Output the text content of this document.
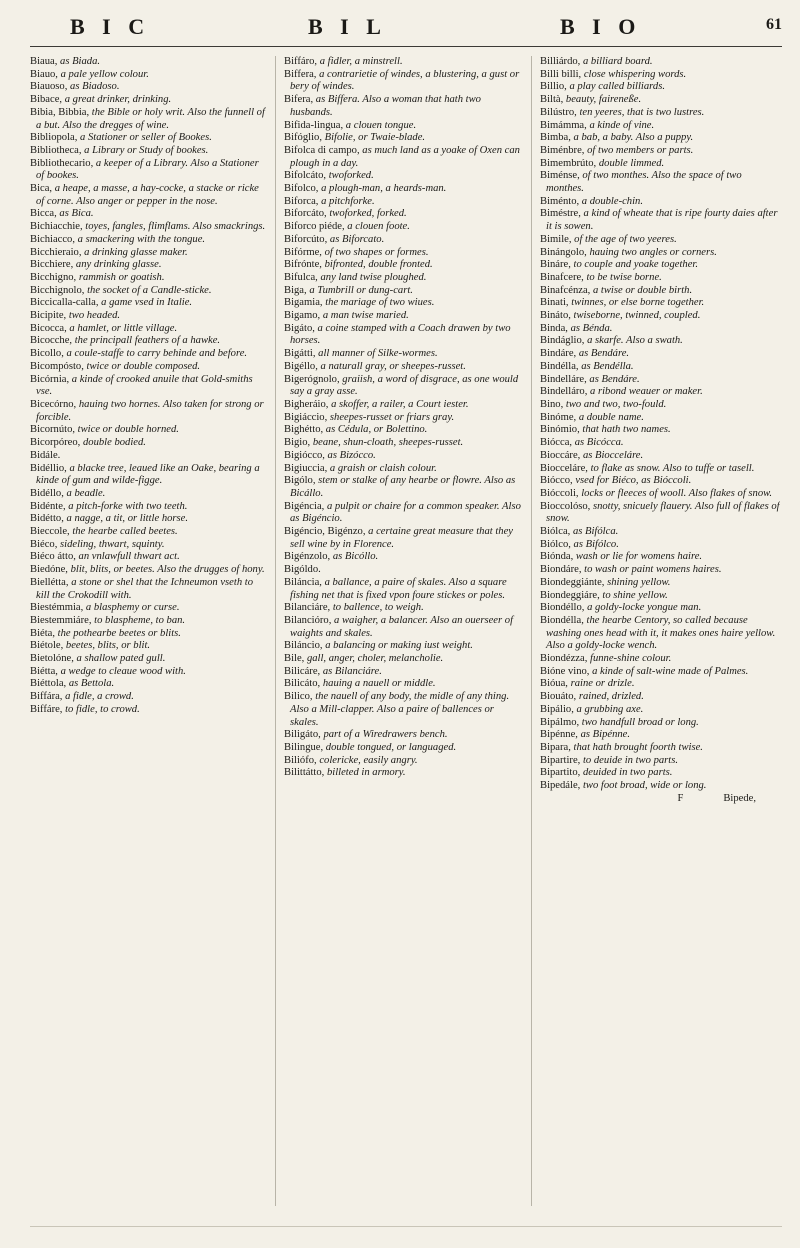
B I C	B I L	B I O	61

Biaua, as Biada.

Biauo, a pale yellow colour.

Biauoso, as Biadoso.

Bibace, a great drinker, drinking.

Bibia, Bibbia, the Bible or holy writ. Also the funnell of a but. Also the dregges of wine.

Bibliopola, a Stationer or seller of Bookes.

Bibliotheca, a Library or Study of bookes.

Bibliothecario, a keeper of a Library. Also a Stationer of bookes.

Bica, a heape, a masse, a hay-cocke, a stacke or ricke of corne. Also anger or pepper in the nose.

Bicca, as Bica.

Bichiacchie, toyes, fangles, flimflams. Also smackrings.

Bichiacco, a smackering with the tongue.

Bicchieraio, a drinking glasse maker.

Bicchiere, any drinking glasse.

Bicchigno, rammish or goatish.

Bicchignolo, the socket of a Candle-sticke.

Biccicalla-calla, a game vsed in Italie.

Bicipite, two headed.

Bicocca, a hamlet, or little village.

Bicocche, the principall feathers of a hawke.

Bicollo, a coule-staffe to carry behinde and before.

Bicompósto, twice or double composed.

Bicórnia, a kinde of crooked anuile that Gold-smiths vse.

Bicecórno, hauing two hornes. Also taken for strong or forcible.

Bicornúto, twice or double horned.

Bicorpóreo, double bodied.

Bidále.

Bidéllio, a blacke tree, leaued like an Oake, bearing a kinde of gum and wilde-figge.

Bidéllo, a beadle.

Bidénte, a pitch-forke with two teeth.

Bidétto, a nagge, a tit, or little horse.

Bieccole, the hearbe called beetes.

Biéco, sideling, thwart, squinty.

Biéco átto, an vnlawfull thwart act.

Biedóne, blit, blits, or beetes. Also the drugges of hony.

Biellétta, a stone or shel that the Ichneumon vseth to kill the Crokodill with.

Biestémmia, a blasphemy or curse.

Biestemmiáre, to blaspheme, to ban.

Biéta, the pothearbe beetes or blits.

Biétole, beetes, blits, or blit.

Bietolóne, a shallow pated gull.

Biétta, a wedge to cleaue wood with.

Biéttola, as Bettola.

Biffára, a fidle, a crowd.

Biffáre, to fidle, to crowd.

Biffáro, a fidler, a minstrell.

Biffera, a contrarietie of windes, a blustering, a gust or bery of windes.

Bifera, as Biffera. Also a woman that hath two husbands.

Bifida-lingua, a clouen tongue.

Bifóglio, Bifolie, or Twaie-blade.

Bifolca di campo, as much land as a yoake of Oxen can plough in a day.

Bifolcáto, twoforked.

Bifolco, a plough-man, a heards-man.

Biforca, a pitchforke.

Biforcáto, twoforked, forked.

Biforco piéde, a clouen foote.

Biforcúto, as Biforcato.

Bifórme, of two shapes or formes.

Bifrónte, bifronted, double fronted.

Bifulca, any land twise ploughed.

Biga, a Tumbrill or dung-cart.

Bigamia, the mariage of two wiues.

Bigamo, a man twise maried.

Bigáto, a coine stamped with a Coach drawen by two horses.

Bigátti, all manner of Silke-wormes.

Bigéllo, a naturall gray, or sheepes-russet.

Bigerógnolo, graiish, a word of disgrace, as one would say a gray asse.

Bigheráio, a skoffer, a railer, a Court iester.

Bigiáccio, sheepes-russet or friars gray.

Bighétto, as Cédula, or Bolettino.

Bigio, beane, shun-cloath, sheepes-russet.

Bigiócco, as Bizócco.

Bigiuccia, a graish or claish colour.

Bigólo, stem or stalke of any hearbe or flowre. Also as Bicállo.

Bigéncia, a pulpit or chaire for a common speaker. Also as Bigéncio.

Bigéncio, Bigénzo, a certaine great measure that they sell wine by in Florence.

Bigénzolo, as Bicóllo.

Bigóldo.

Biláncia, a ballance, a paire of skales. Also a square fishing net that is fixed vpon foure stickes or poles.

Bilanciáre, to ballence, to weigh.

Bilancióro, a waigher, a balancer. Also an ouerseer of waights and skales.

Biláncio, a balancing or making iust weight.

Bile, gall, anger, choler, melancholie.

Bilicáre, as Bilanciáre.

Bilicáto, hauing a nauell or middle.

Bilico, the nauell of any body, the midle of any thing. Also a Mill-clapper. Also a paire of ballences or skales.

Biligáto, part of a Wiredrawers bench.

Bilingue, double tongued, or languaged.

Biliófo, colericke, easily angry.

Bilittátto, billeted in armory.

Billiárdo, a billiard board.

Billi billi, close whispering words.

Billio, a play called billiards.

Biltà, beauty, faireneße.

Bilústro, ten yeeres, that is two lustres.

Bimámma, a kinde of vine.

Bimba, a bab, a baby. Also a puppy.

Biménbre, of two members or parts.

Bimembrúto, double limmed.

Biménse, of two monthes. Also the space of two monthes.

Biménto, a double-chin.

Biméstre, a kind of wheate that is ripe fourty daies after it is sowen.

Bimile, of the age of two yeeres.

Binángolo, hauing two angles or corners.

Bináre, to couple and yoake together.

Binafcere, to be twise borne.

Binafcénza, a twise or double birth.

Binati, twinnes, or else borne together.

Bináto, twiseborne, twinned, coupled.

Binda, as Bénda.

Bindáglio, a skarfe. Also a swath.

Bindáre, as Bendáre.

Bindélla, as Bendélla.

Bindelláre, as Bendáre.

Bindelláro, a ribond weauer or maker.

Bino, two and two, two-fould.

Binóme, a double name.

Binómio, that hath two names.

Biócca, as Bicócca.

Bioccáre, as Biocceláre.

Biocceláre, to flake as snow. Also to tuffe or tasell.

Biócco, vsed for Biéco, as Bióccoli.

Bióccoli, locks or fleeces of wooll. Also flakes of snow.

Bioccolóso, snotty, snicuely flauery. Also full of flakes of snow.

Biólca, as Bifólca.

Biólco, as Bifólco.

Biónda, wash or lie for womens haire.

Biondáre, to wash or paint womens haires.

Biondeggiánte, shining yellow.

Biondeggiáre, to shine yellow.

Biondéllo, a goldy-locke yongue man.

Biondélla, the hearbe Centory, so called because washing ones head with it, it makes ones haire yellow. Also a goldy-locke wench.

Biondézza, funne-shine colour.

Bióne vino, a kinde of salt-wine made of Palmes.

Bióua, raine or drizle.

Biouáto, rained, drizled.

Bipálio, a grubbing axe.

Bipálmo, two handfull broad or long.

Bipénne, as Bipénne.

Bipara, that hath brought foorth twise.

Bipartire, to deuide in two parts.

Bipartito, deuided in two parts.

Bipedále, two foot broad, wide or long.

F	Bipede,
